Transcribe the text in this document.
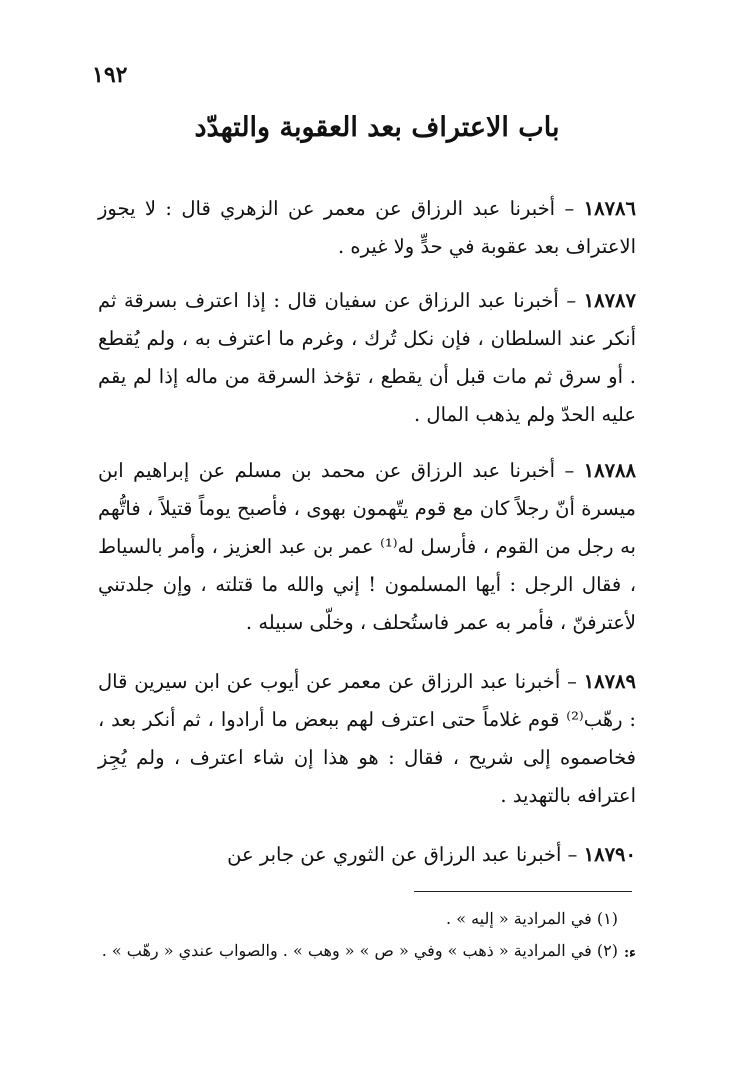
١٩٢
باب الاعتراف بعد العقوبة والتهدّد

١٨٧٨٦ – أخبرنا عبد الرزاق عن معمر عن الزهري قال : لا يجوز الاعتراف بعد عقوبة في حدٍّ ولا غيره .

١٨٧٨٧ – أخبرنا عبد الرزاق عن سفيان قال : إذا اعترف بسرقة ثم أنكر عند السلطان ، فإن نكل تُرك ، وغرم ما اعترف به ، ولم يُقطع . أو سرق ثم مات قبل أن يقطع ، تؤخذ السرقة من ماله إذا لم يقم عليه الحدّ ولم يذهب المال .

١٨٧٨٨ – أخبرنا عبد الرزاق عن محمد بن مسلم عن إبراهيم ابن ميسرة أنّ رجلاً كان مع قوم يتّهمون بهوى ، فأصبح يوماً قتيلاً ، فاتُّهم به رجل من القوم ، فأرسل له⁽¹⁾ عمر بن عبد العزيز ، وأمر بالسياط ، فقال الرجل : أيها المسلمون ! إني والله ما قتلته ، وإن جلدتني لأعترفنّ ، فأمر به عمر فاستُحلف ، وخلّى سبيله .

١٨٧٨٩ – أخبرنا عبد الرزاق عن معمر عن أيوب عن ابن سيرين قال : رهّب⁽²⁾ قوم غلاماً حتى اعترف لهم ببعض ما أرادوا ، ثم أنكر بعد ، فخاصموه إلى شريح ، فقال : هو هذا إن شاء اعترف ، ولم يُجِز اعترافه بالتهديد .

١٨٧٩٠ – أخبرنا عبد الرزاق عن الثوري عن جابر عن

(١) في المرادية « إليه » .
(٢) في المرادية « ذهب » وفي « ص » « وهب » . والصواب عندي « رهّب » . ء:
